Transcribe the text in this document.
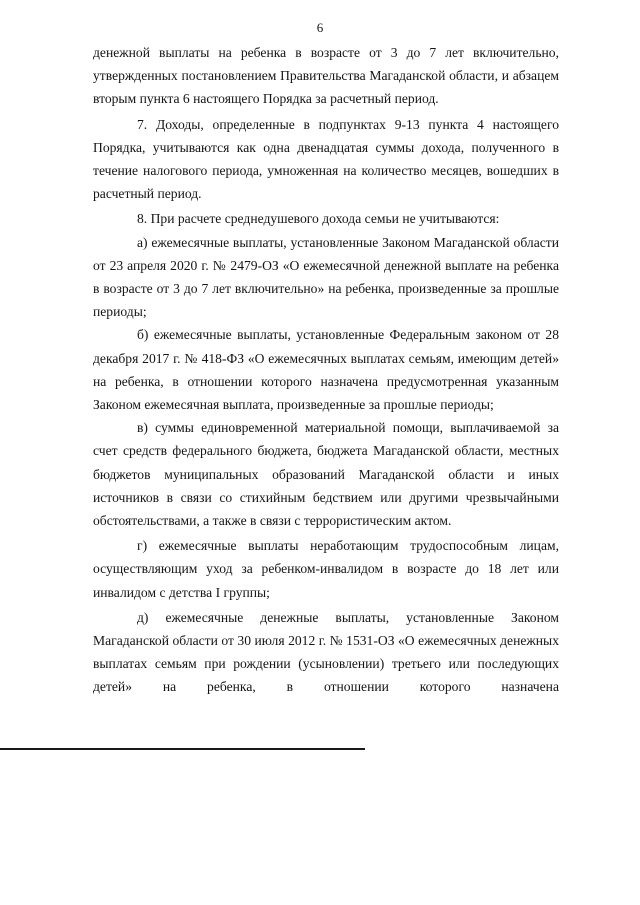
6

денежной выплаты на ребенка в возрасте от 3 до 7 лет включительно, утвержденных постановлением Правительства Магаданской области, и абзацем вторым пункта 6 настоящего Порядка за расчетный период.

7. Доходы, определенные в подпунктах 9-13 пункта 4 настоящего Порядка, учитываются как одна двенадцатая суммы дохода, полученного в течение налогового периода, умноженная на количество месяцев, вошедших в расчетный период.

8. При расчете среднедушевого дохода семьи не учитываются:

а) ежемесячные выплаты, установленные Законом Магаданской области от 23 апреля 2020 г. № 2479-ОЗ «О ежемесячной денежной выплате на ребенка в возрасте от 3 до 7 лет включительно» на ребенка, произведенные за прошлые периоды;

б) ежемесячные выплаты, установленные Федеральным законом от 28 декабря 2017 г. № 418-ФЗ «О ежемесячных выплатах семьям, имеющим детей» на ребенка, в отношении которого назначена предусмотренная указанным Законом ежемесячная выплата, произведенные за прошлые периоды;

в) суммы единовременной материальной помощи, выплачиваемой за счет средств федерального бюджета, бюджета Магаданской области, местных бюджетов муниципальных образований Магаданской области и иных источников в связи со стихийным бедствием или другими чрезвычайными обстоятельствами, а также в связи с террористическим актом.

г) ежемесячные выплаты неработающим трудоспособным лицам, осуществляющим уход за ребенком-инвалидом в возрасте до 18 лет или инвалидом с детства I группы;

д) ежемесячные денежные выплаты, установленные Законом Магаданской области от 30 июля 2012 г. № 1531-ОЗ «О ежемесячных денежных выплатах семьям при рождении (усыновлении) третьего или последующих детей» на ребенка, в отношении которого назначена
